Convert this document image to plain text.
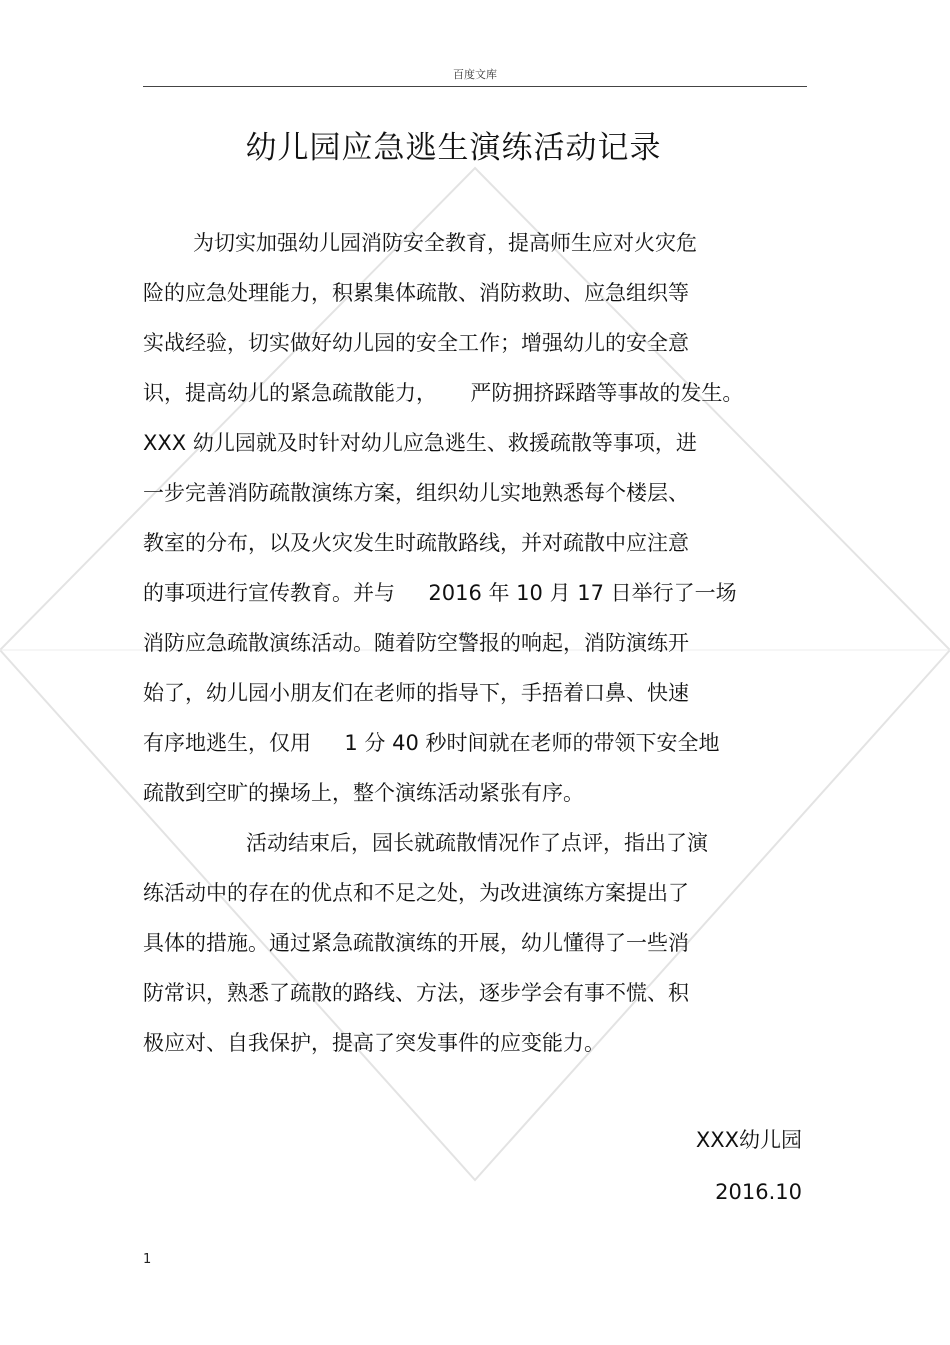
百度文库
幼儿园应急逃生演练活动记录
为切实加强幼儿园消防安全教育，提高师生应对火灾危
险的应急处理能力，积累集体疏散、消防救助、应急组织等
实战经验，切实做好幼儿园的安全工作；增强幼儿的安全意
识，提高幼儿的紧急疏散能力，     严防拥挤踩踏等事故的发生。
XXX 幼儿园就及时针对幼儿应急逃生、救援疏散等事项，进
一步完善消防疏散演练方案，组织幼儿实地熟悉每个楼层、
教室的分布，以及火灾发生时疏散路线，并对疏散中应注意
的事项进行宣传教育。并与     2016 年 10 月 17 日举行了一场
消防应急疏散演练活动。随着防空警报的响起，消防演练开
始了，幼儿园小朋友们在老师的指导下，手捂着口鼻、快速
有序地逃生，仅用     1 分 40 秒时间就在老师的带领下安全地
疏散到空旷的操场上，整个演练活动紧张有序。
活动结束后，园长就疏散情况作了点评，指出了演
练活动中的存在的优点和不足之处，为改进演练方案提出了
具体的措施。通过紧急疏散演练的开展，幼儿懂得了一些消
防常识，熟悉了疏散的路线、方法，逐步学会有事不慌、积
极应对、自我保护，提高了突发事件的应变能力。
XXX幼儿园
2016.10
1
